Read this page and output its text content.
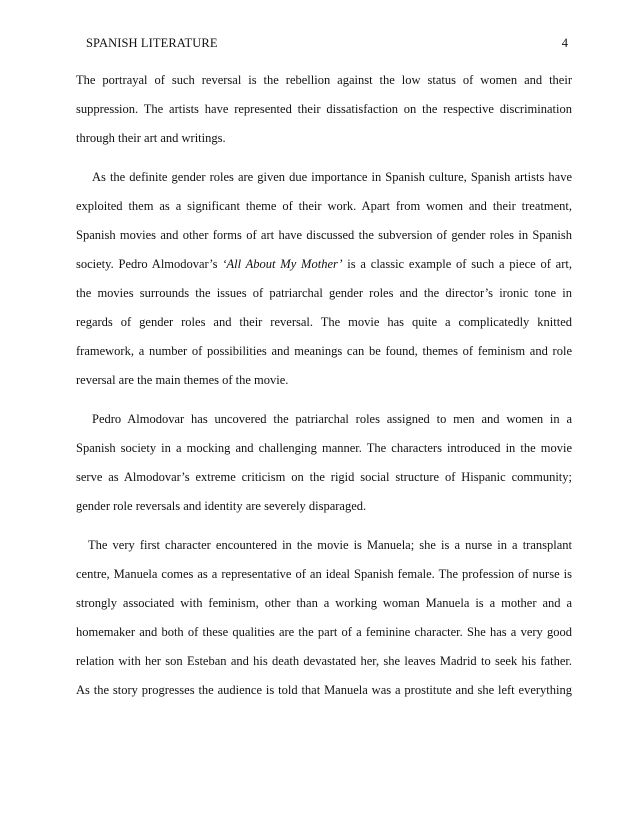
SPANISH LITERATURE	4

The portrayal of such reversal is the rebellion against the low status of women and their
suppression. The artists have represented their dissatisfaction on the respective discrimination
through their art and writings.

As the definite gender roles are given due importance in Spanish culture, Spanish artists have
exploited them as a significant theme of their work. Apart from women and their treatment,
Spanish movies and other forms of art have discussed the subversion of gender roles in Spanish
society. Pedro Almodovar’s ‘All About My Mother’ is a classic example of such a piece of art,
the movies surrounds the issues of patriarchal gender roles and the director’s ironic tone in
regards of gender roles and their reversal. The movie has quite a complicatedly knitted
framework, a number of possibilities and meanings can be found, themes of feminism and role
reversal are the main themes of the movie.

Pedro Almodovar has uncovered the patriarchal roles assigned to men and women in a
Spanish society in a mocking and challenging manner. The characters introduced in the movie
serve as Almodovar’s extreme criticism on the rigid social structure of Hispanic community;
gender role reversals and identity are severely disparaged.

The very first character encountered in the movie is Manuela; she is a nurse in a transplant
centre, Manuela comes as a representative of an ideal Spanish female. The profession of nurse is
strongly associated with feminism, other than a working woman Manuela is a mother and a
homemaker and both of these qualities are the part of a feminine character. She has a very good
relation with her son Esteban and his death devastated her, she leaves Madrid to seek his father.
As the story progresses the audience is told that Manuela was a prostitute and she left everything
